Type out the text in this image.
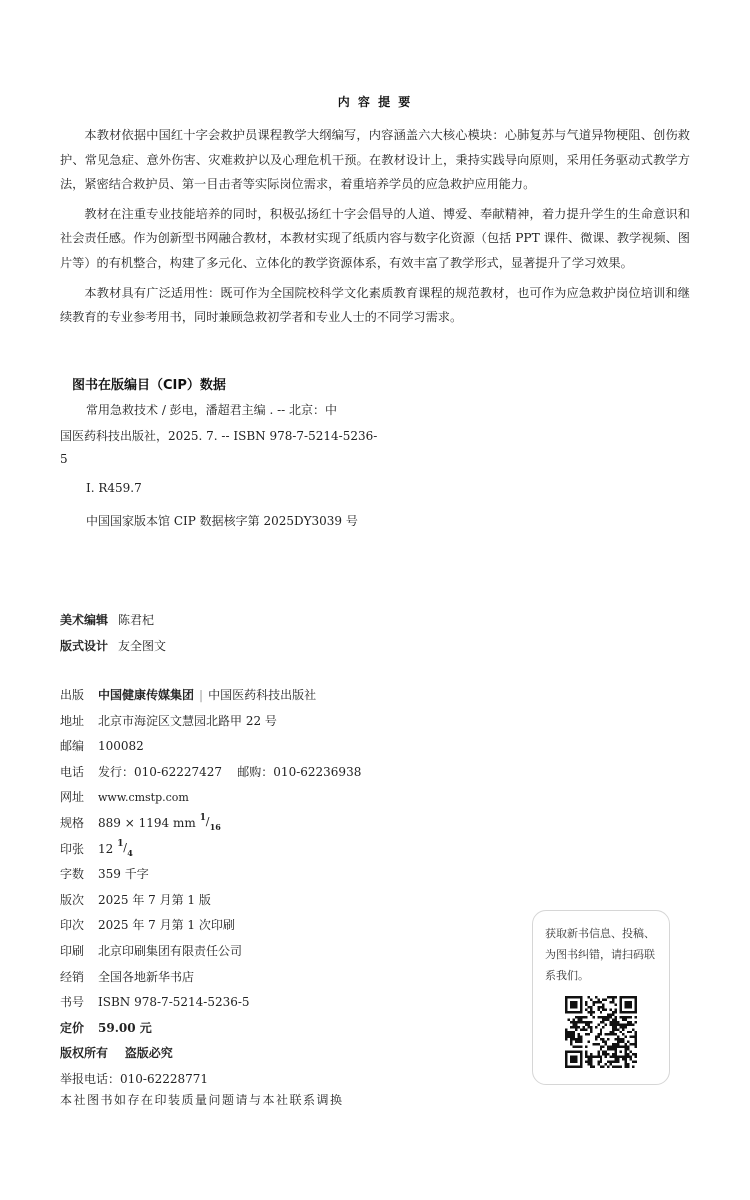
内 容 提 要

本教材依据中国红十字会救护员课程教学大纲编写，内容涵盖六大核心模块：心肺复苏与气道异物梗阻、创伤救护、常见急症、意外伤害、灾难救护以及心理危机干预。在教材设计上，秉持实践导向原则，采用任务驱动式教学方法，紧密结合救护员、第一目击者等实际岗位需求，着重培养学员的应急救护应用能力。

教材在注重专业技能培养的同时，积极弘扬红十字会倡导的人道、博爱、奉献精神，着力提升学生的生命意识和社会责任感。作为创新型书网融合教材，本教材实现了纸质内容与数字化资源（包括 PPT 课件、微课、教学视频、图片等）的有机整合，构建了多元化、立体化的教学资源体系，有效丰富了教学形式，显著提升了学习效果。

本教材具有广泛适用性：既可作为全国院校科学文化素质教育课程的规范教材，也可作为应急救护岗位培训和继续教育的专业参考用书，同时兼顾急救初学者和专业人士的不同学习需求。

图书在版编目（CIP）数据
常用急救技术 / 彭电，潘超君主编 . -- 北京：中
国医药科技出版社，2025. 7. -- ISBN 978-7-5214-5236-
5
Ⅰ. R459.7
中国国家版本馆 CIP 数据核字第 2025DY3039 号
美术编辑 陈君杞
版式设计 友全图文
出版 中国健康传媒集团 | 中国医药科技出版社
地址 北京市海淀区文慧园北路甲 22 号
邮编 100082
电话 发行：010-62227427    邮购：010-62236938
网址 www.cmstp.com
规格 889 × 1194 mm 1 / 16
印张 12 1 / 4
字数 359 千字
版次 2025 年 7 月第 1 版
印次 2025 年 7 月第 1 次印刷
印刷 北京印刷集团有限责任公司
经销 全国各地新华书店
书号 ISBN 978-7-5214-5236-5
定价 59.00 元
版权所有    盗版必究
举报电话：010-62228771
本社图书如存在印装质量问题请与本社联系调换
获取新书信息、投稿、为图书纠错，请扫码联系我们。
